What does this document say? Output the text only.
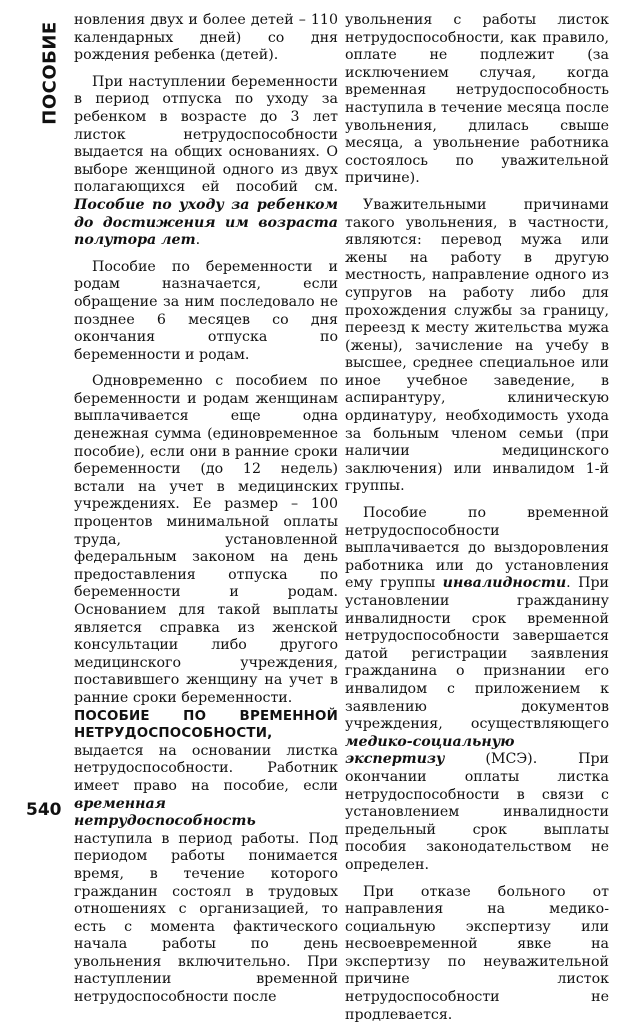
ПОСОБИЕ
540

новления двух и более детей – 110 календарных дней) со дня рождения ребенка (детей).

При наступлении беременности в период отпуска по уходу за ребенком в возрасте до 3 лет листок нетрудоспособности выдается на общих основаниях. О выборе женщиной одного из двух полагающихся ей пособий см. Пособие по уходу за ребенком до достижения им возраста полутора лет.

Пособие по беременности и родам назначается, если обращение за ним последовало не позднее 6 месяцев со дня окончания отпуска по беременности и родам.

Одновременно с пособием по беременности и родам женщинам выплачивается еще одна денежная сумма (единовременное пособие), если они в ранние сроки беременности (до 12 недель) встали на учет в медицинских учреждениях. Ее размер – 100 процентов минимальной оплаты труда, установленной федеральным законом на день предоставления отпуска по беременности и родам. Основанием для такой выплаты является справка из женской консультации либо другого медицинского учреждения, поставившего женщину на учет в ранние сроки беременности.

ПОСОБИЕ ПО ВРЕМЕННОЙ НЕТРУДОСПОСОБНОСТИ, выдается на основании листка нетрудоспособности. Работник имеет право на пособие, если временная нетрудоспособность наступила в период работы. Под периодом работы понимается время, в течение которого гражданин состоял в трудовых отношениях с организацией, то есть с момента фактического начала работы по день увольнения включительно. При наступлении временной нетрудоспособности после

увольнения с работы листок нетрудоспособности, как правило, оплате не подлежит (за исключением случая, когда временная нетрудоспособность наступила в течение месяца после увольнения, длилась свыше месяца, а увольнение работника состоялось по уважительной причине).

Уважительными причинами такого увольнения, в частности, являются: перевод мужа или жены на работу в другую местность, направление одного из супругов на работу либо для прохождения службы за границу, переезд к месту жительства мужа (жены), зачисление на учебу в высшее, среднее специальное или иное учебное заведение, в аспирантуру, клиническую ординатуру, необходимость ухода за больным членом семьи (при наличии медицинского заключения) или инвалидом 1-й группы.

Пособие по временной нетрудоспособности выплачивается до выздоровления работника или до установления ему группы инвалидности. При установлении гражданину инвалидности срок временной нетрудоспособности завершается датой регистрации заявления гражданина о признании его инвалидом с приложением к заявлению документов учреждения, осуществляющего медико-социальную экспертизу	(МСЭ). При окончании оплаты листка нетрудоспособности в связи с установлением инвалидности предельный срок выплаты пособия законодательством не определен.

При отказе больного от направления на медико-социальную экспертизу или несвоевременной явке на экспертизу по неуважительной причине листок нетрудоспособности не продлевается.
